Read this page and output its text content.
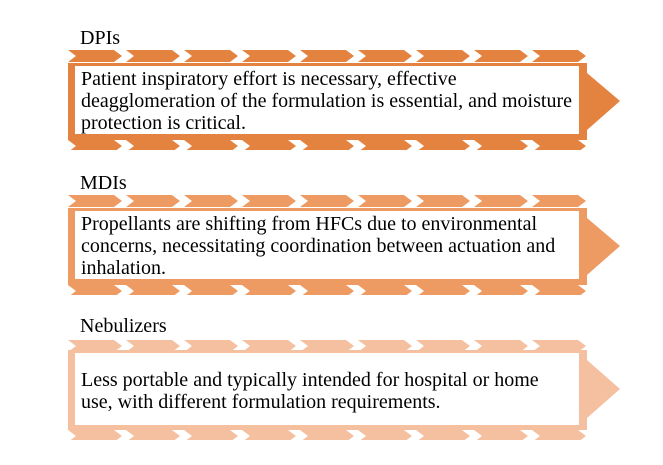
DPIs
Patient inspiratory effort is necessary, effective deagglomeration of the formulation is essential, and moisture protection is critical.
MDIs
Propellants are shifting from HFCs due to environmental concerns, necessitating coordination between actuation and inhalation.
Nebulizers
Less portable and typically intended for hospital or home use, with different formulation requirements.
